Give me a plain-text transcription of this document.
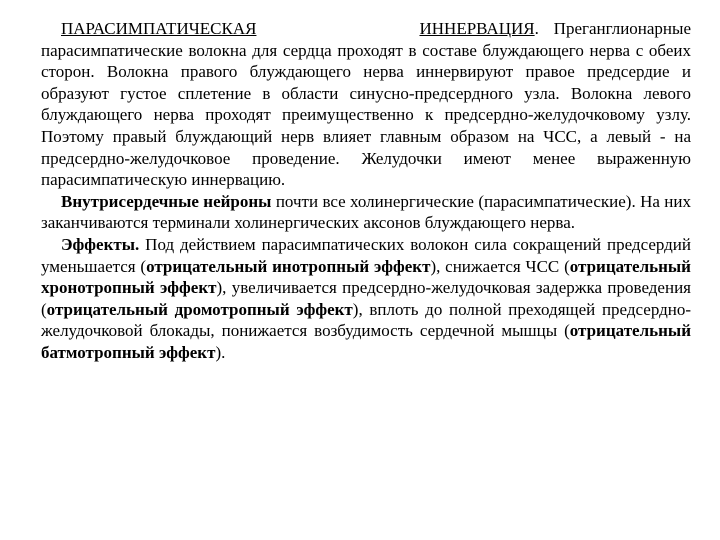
ПАРАСИМПАТИЧЕСКАЯ	ИННЕРВАЦИЯ. Преганглионарные парасимпатические волокна для сердца проходят в составе блуждающего нерва с обеих сторон. Волокна правого блуждающего нерва иннервируют правое предсердие и образуют густое сплетение в области синусно-предсердного узла. Волокна левого блуждающего нерва проходят преимущественно к предсердно-желудочковому узлу. Поэтому правый блуждающий нерв влияет главным образом на ЧСС, а левый - на предсердно-желудочковое проведение. Желудочки имеют менее выраженную парасимпатическую иннервацию.

Внутрисердечные нейроны почти все холинергические (парасимпатические). На них заканчиваются терминали холинергических аксонов блуждающего нерва.

Эффекты. Под действием парасимпатических волокон сила сокращений предсердий уменьшается (отрицательный инотропный эффект), снижается ЧСС (отрицательный хронотропный эффект), увеличивается предсердно-желудочковая задержка проведения (отрицательный дромотропный эффект), вплоть до полной преходящей предсердно-желудочковой блокады, понижается возбудимость сердечной мышцы (отрицательный батмотропный эффект).
